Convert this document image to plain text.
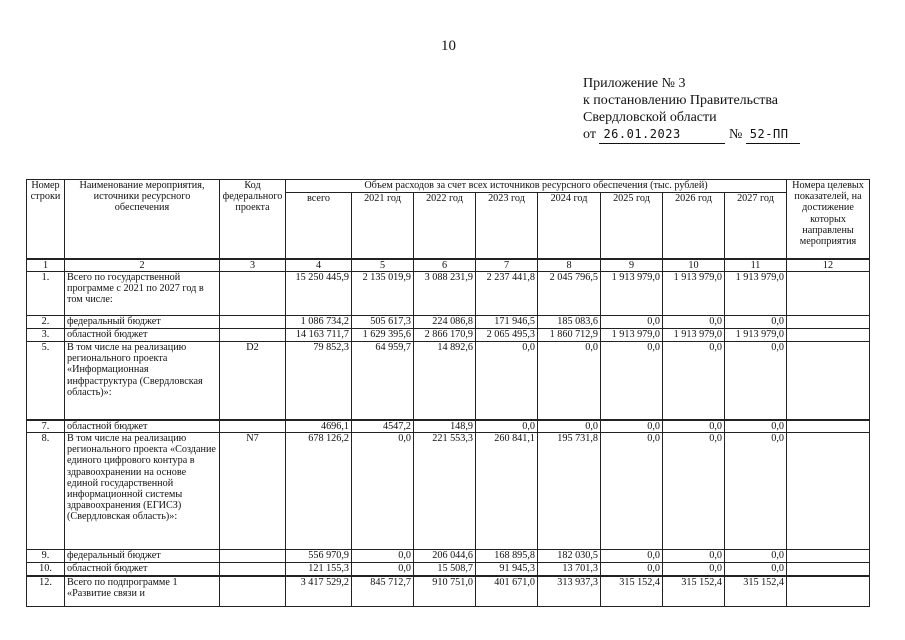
10
Приложение № 3
к постановлению Правительства
Свердловской области
от 26.01.2023	№ 52-ПП
Номер строки	Наименование мероприятия, источники ресурсного обеспечения	Код федерального проекта	Объем расходов за счет всех источников ресурсного обеспечения (тыс. рублей)								Номера целевых показателей, на достижение которых направлены мероприятия
			всего	2021 год	2022 год	2023 год	2024 год	2025 год	2026 год	2027 год	
1	2	3	4	5	6	7	8	9	10	11	12
1.	Всего по государственной программе с 2021 по 2027 год в том числе:		15 250 445,9	2 135 019,9	3 088 231,9	2 237 441,8	2 045 796,5	1 913 979,0	1 913 979,0	1 913 979,0	
2.	федеральный бюджет		1 086 734,2	505 617,3	224 086,8	171 946,5	185 083,6	0,0	0,0	0,0	
3.	областной бюджет		14 163 711,7	1 629 395,6	2 866 170,9	2 065 495,3	1 860 712,9	1 913 979,0	1 913 979,0	1 913 979,0	
5.	В том числе на реализацию регионального проекта «Информационная инфраструктура (Свердловская область)»:	D2	79 852,3	64 959,7	14 892,6	0,0	0,0	0,0	0,0	0,0	
7.	областной бюджет		4696,1	4547,2	148,9	0,0	0,0	0,0	0,0	0,0	
8.	В том числе на реализацию регионального проекта «Создание единого цифрового контура в здравоохранении на основе единой государственной информационной системы здравоохранения (ЕГИСЗ) (Свердловская область)»:	N7	678 126,2	0,0	221 553,3	260 841,1	195 731,8	0,0	0,0	0,0	
9.	федеральный бюджет		556 970,9	0,0	206 044,6	168 895,8	182 030,5	0,0	0,0	0,0	
10.	областной бюджет		121 155,3	0,0	15 508,7	91 945,3	13 701,3	0,0	0,0	0,0	
12.	Всего по подпрограмме 1 «Развитие связи и		3 417 529,2	845 712,7	910 751,0	401 671,0	313 937,3	315 152,4	315 152,4	315 152,4	
